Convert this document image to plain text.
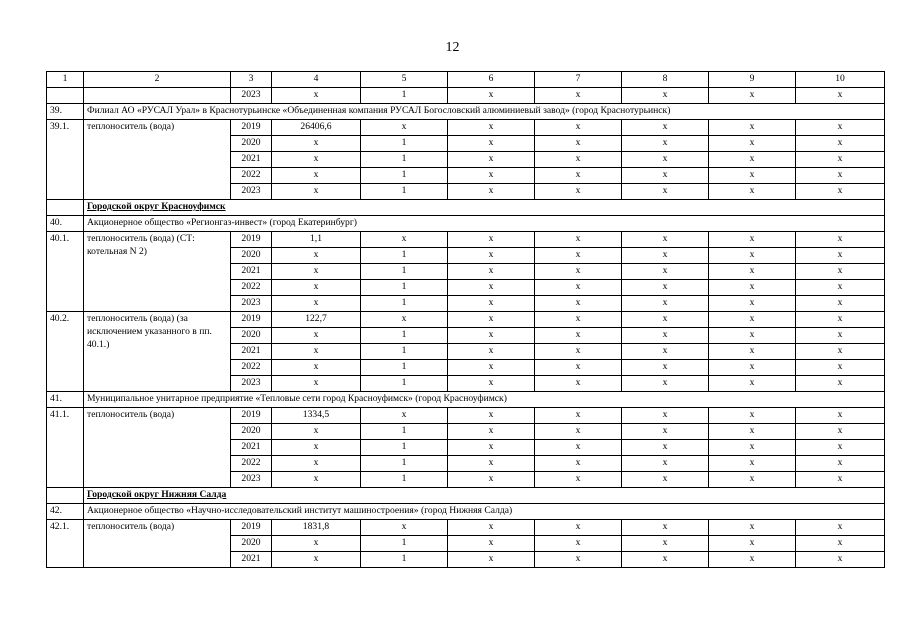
12
1	2	3	4	5	6	7	8	9	10
		2023	x	1	x	x	x	x	x
39.	Филиал АО «РУСАЛ Урал» в Краснотурьинске «Объединенная компания РУСАЛ Богословский алюминиевый завод» (город Краснотурьинск)								
39.1.	теплоноситель (вода)	2019	26406,6	x	x	x	x	x	x
		2020	x	1	x	x	x	x	x
		2021	x	1	x	x	x	x	x
		2022	x	1	x	x	x	x	x
		2023	x	1	x	x	x	x	x
	Городской округ Красноуфимск								
40.	Акционерное общество «Регионгаз-инвест» (город Екатеринбург)								
40.1.	теплоноситель (вода) (СТ: котельная N 2)	2019	1,1	x	x	x	x	x	x
		2020	x	1	x	x	x	x	x
		2021	x	1	x	x	x	x	x
		2022	x	1	x	x	x	x	x
		2023	x	1	x	x	x	x	x
40.2.	теплоноситель (вода) (за исключением указанного в пп. 40.1.)	2019	122,7	x	x	x	x	x	x
		2020	x	1	x	x	x	x	x
		2021	x	1	x	x	x	x	x
		2022	x	1	x	x	x	x	x
		2023	x	1	x	x	x	x	x
41.	Муниципальное унитарное предприятие «Тепловые сети город Красноуфимск» (город Красноуфимск)								
41.1.	теплоноситель (вода)	2019	1334,5	x	x	x	x	x	x
		2020	x	1	x	x	x	x	x
		2021	x	1	x	x	x	x	x
		2022	x	1	x	x	x	x	x
		2023	x	1	x	x	x	x	x
	Городской округ Нижняя Салда								
42.	Акционерное общество «Научно-исследовательский институт машиностроения» (город Нижняя Салда)								
42.1.	теплоноситель (вода)	2019	1831,8	x	x	x	x	x	x
		2020	x	1	x	x	x	x	x
		2021	x	1	x	x	x	x	x
